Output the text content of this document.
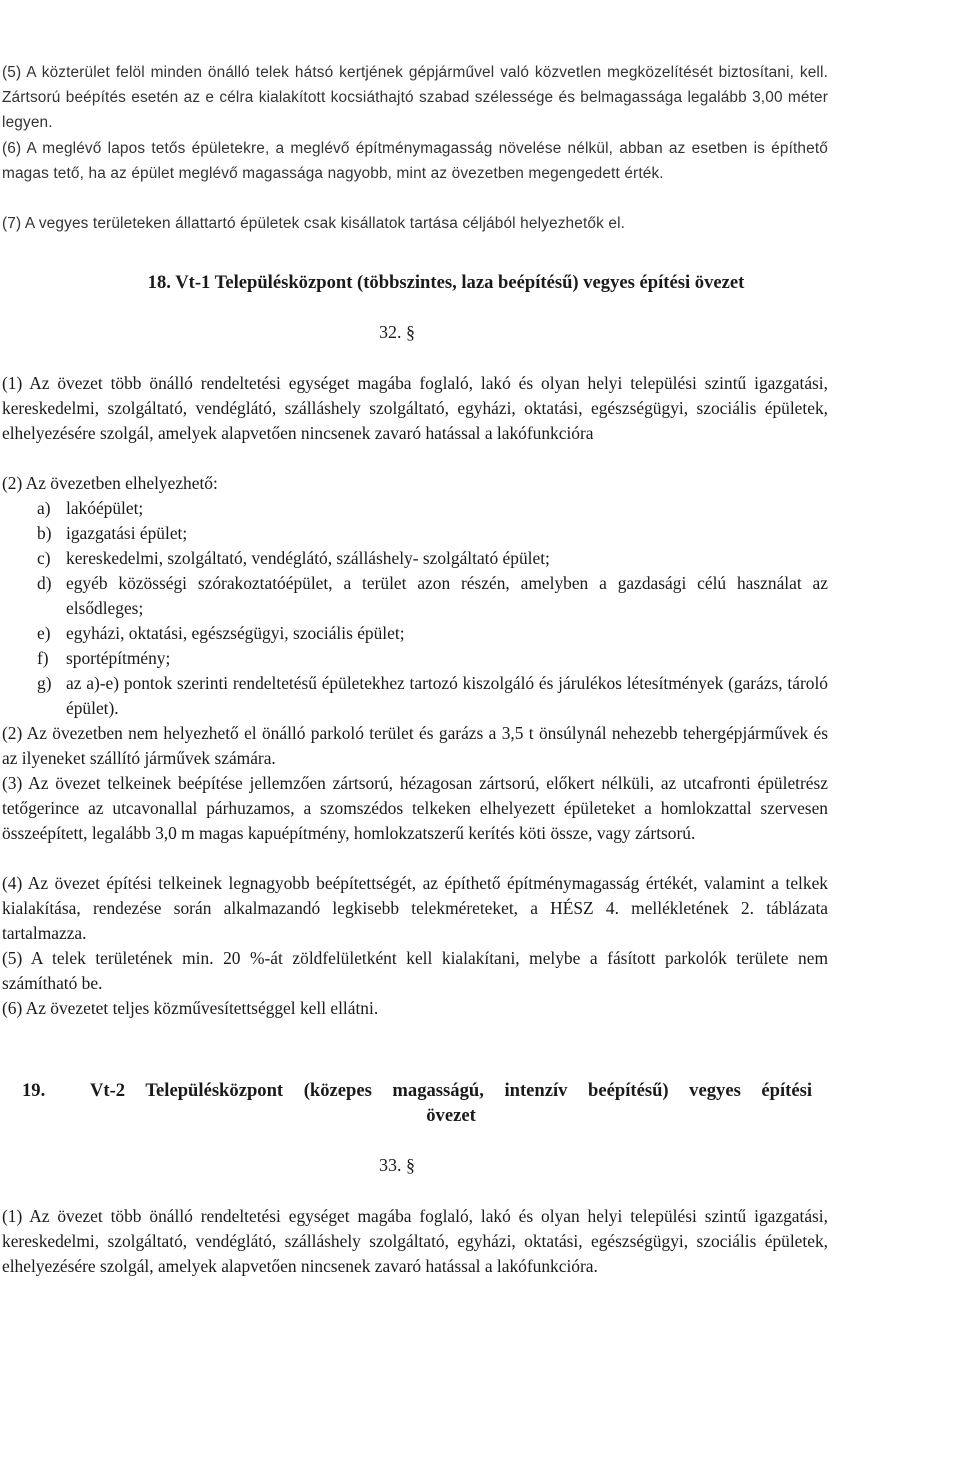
(5) A közterület felöl minden önálló telek hátsó kertjének gépjárművel való közvetlen megközelítését biztosítani, kell. Zártsorú beépítés esetén az e célra kialakított kocsiáthajtó szabad szélessége és belmagassága legalább 3,00 méter legyen.

(6) A meglévő lapos tetős épületekre, a meglévő építménymagasság növelése nélkül, abban az esetben is építhető magas tető, ha az épület meglévő magassága nagyobb, mint az övezetben megengedett érték.

(7) A vegyes területeken állattartó épületek csak kisállatok tartása céljából helyezhetők el.

18. Vt-1 Településközpont (többszintes, laza beépítésű) vegyes építési övezet
32. §

(1) Az övezet több önálló rendeltetési egységet magába foglaló, lakó és olyan helyi települési szintű igazgatási, kereskedelmi, szolgáltató, vendéglátó, szálláshely szolgáltató, egyházi, oktatási, egészségügyi, szociális épületek, elhelyezésére szolgál, amelyek alapvetően nincsenek zavaró hatással a lakófunkcióra

(2) Az övezetben elhelyezhető:

a) lakóépület;
b) igazgatási épület;
c) kereskedelmi, szolgáltató, vendéglátó, szálláshely- szolgáltató épület;
d) egyéb közösségi szórakoztatóépület, a terület azon részén, amelyben a gazdasági célú használat az elsődleges;
e) egyházi, oktatási, egészségügyi, szociális épület;
f)	sportépítmény;
g) az a)-e) pontok szerinti rendeltetésű épületekhez tartozó kiszolgáló és járulékos létesítmények (garázs, tároló épület).

(2) Az övezetben nem helyezhető el önálló parkoló terület és garázs a 3,5 t önsúlynál nehezebb tehergépjárművek és az ilyeneket szállító járművek számára.

(3) Az övezet telkeinek beépítése jellemzően zártsorú, hézagosan zártsorú, előkert nélküli, az utcafronti épületrész tetőgerince az utcavonallal párhuzamos, a szomszédos telkeken elhelyezett épületeket a homlokzattal szervesen összeépített, legalább 3,0 m magas kapuépítmény, homlokzatszerű kerítés köti össze, vagy zártsorú.

(4) Az övezet építési telkeinek legnagyobb beépítettségét, az építhető építménymagasság értékét, valamint a telkek kialakítása, rendezése során alkalmazandó legkisebb telekméreteket, a HÉSZ 4. mellékletének 2. táblázata tartalmazza.

(5) A telek területének min. 20 %-át zöldfelületként kell kialakítani, melybe a fásított parkolók területe nem számítható be.

(6) Az övezetet teljes közművesítettséggel kell ellátni.

19.	Vt-2 Településközpont (közepes magasságú, intenzív beépítésű) vegyes építési
övezet
33. §

(1) Az övezet több önálló rendeltetési egységet magába foglaló, lakó és olyan helyi települési szintű igazgatási, kereskedelmi, szolgáltató, vendéglátó, szálláshely szolgáltató, egyházi, oktatási, egészségügyi, szociális épületek, elhelyezésére szolgál, amelyek alapvetően nincsenek zavaró hatással a lakófunkcióra.
